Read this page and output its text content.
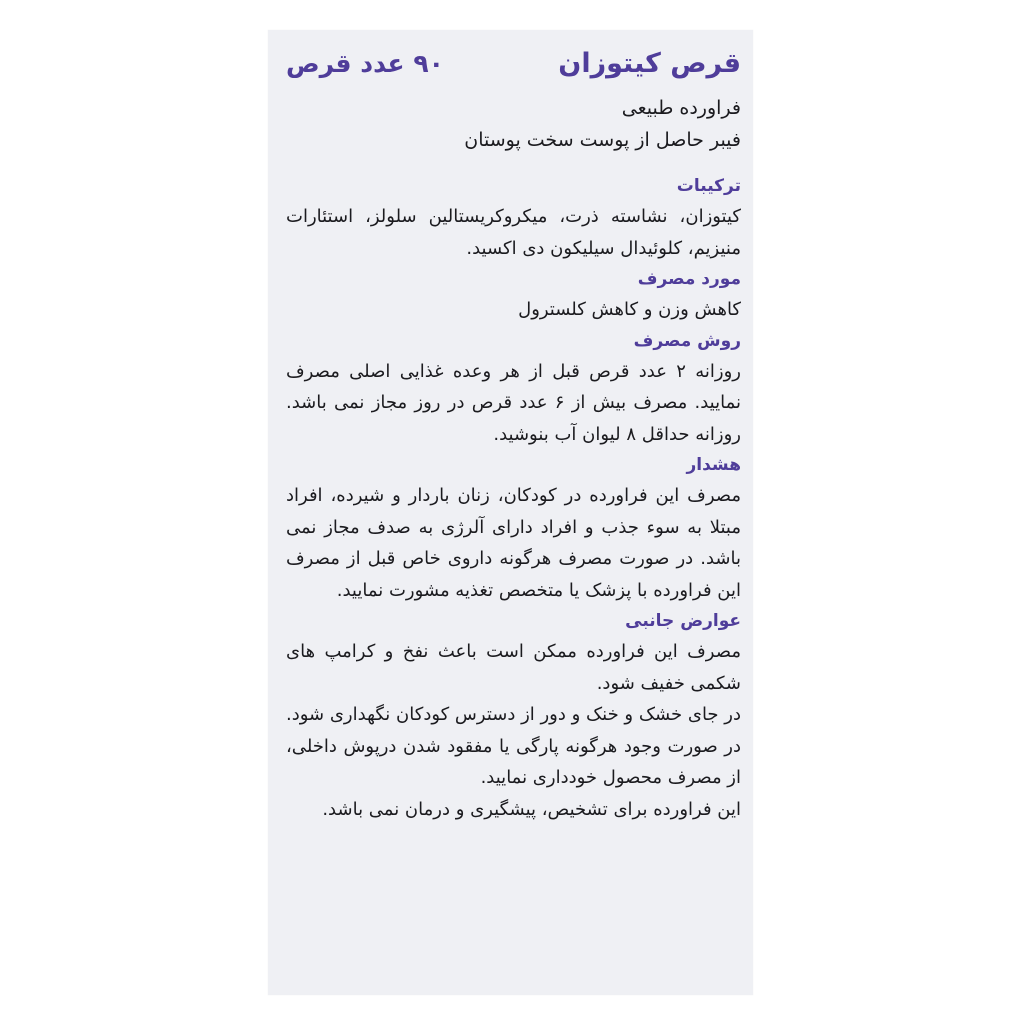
قرص کیتوزان
۹۰ عدد قرص
فراورده طبیعی
فیبر حاصل از پوست سخت پوستان
ترکیبات
کیتوزان، نشاسته ذرت، میکروکریستالین سلولز، استئارات منیزیم، کلوئیدال سیلیکون دی اکسید.
مورد مصرف
کاهش وزن و کاهش کلسترول
روش مصرف
روزانه ۲ عدد قرص قبل از هر وعده غذایی اصلی مصرف نمایید. مصرف بیش از ۶ عدد قرص در روز مجاز نمی باشد. روزانه حداقل ۸ لیوان آب بنوشید.
هشدار
مصرف این فراورده در کودکان، زنان باردار و شیرده، افراد مبتلا به سوء جذب و افراد دارای آلرژی به صدف مجاز نمی باشد. در صورت مصرف هرگونه داروی خاص قبل از مصرف این فراورده با پزشک یا متخصص تغذیه مشورت نمایید.
عوارض جانبی
مصرف این فراورده ممکن است باعث نفخ و کرامپ های شکمی خفیف شود.
در جای خشک و خنک و دور از دسترس کودکان نگهداری شود. در صورت وجود هرگونه پارگی یا مفقود شدن درپوش داخلی، از مصرف محصول خودداری نمایید.
این فراورده برای تشخیص، پیشگیری و درمان نمی باشد.
